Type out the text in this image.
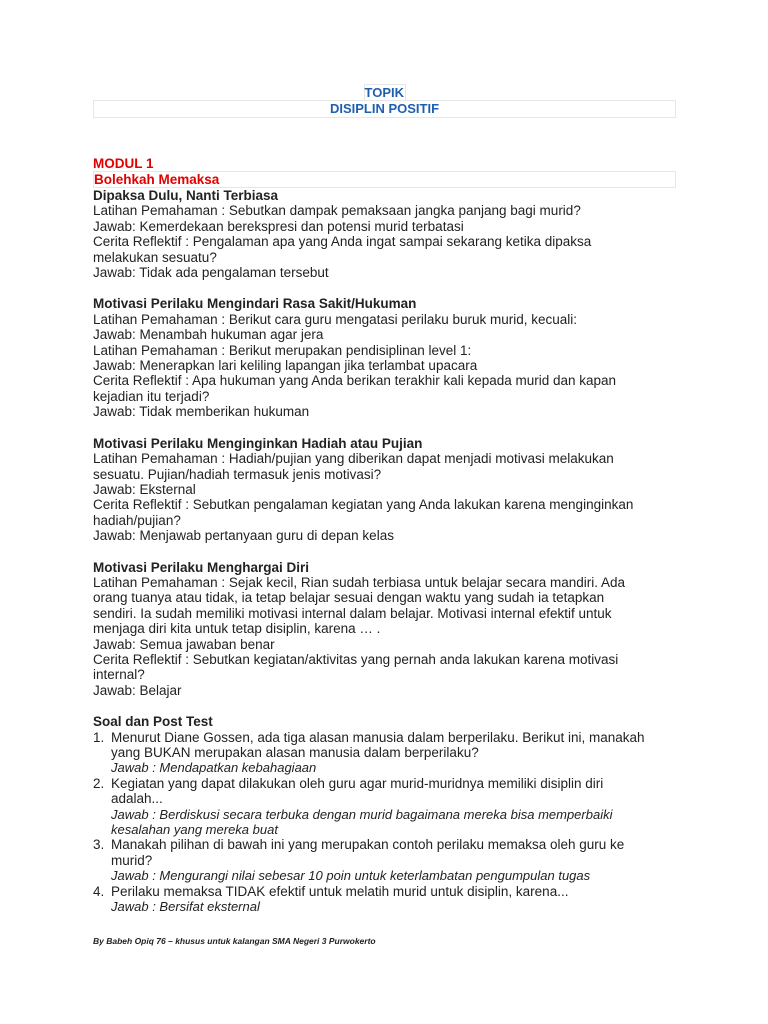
TOPIK
DISIPLIN POSITIF
MODUL 1
Bolehkah Memaksa
Dipaksa Dulu, Nanti Terbiasa
Latihan Pemahaman : Sebutkan dampak pemaksaan jangka panjang bagi murid?
Jawab: Kemerdekaan berekspresi dan potensi murid terbatasi
Cerita Reflektif : Pengalaman apa yang Anda ingat sampai sekarang ketika dipaksa
melakukan sesuatu?
Jawab: Tidak ada pengalaman tersebut
Motivasi Perilaku Mengindari Rasa Sakit/Hukuman
Latihan Pemahaman : Berikut cara guru mengatasi perilaku buruk murid, kecuali:
Jawab: Menambah hukuman agar jera
Latihan Pemahaman : Berikut merupakan pendisiplinan level 1:
Jawab: Menerapkan lari keliling lapangan jika terlambat upacara
Cerita Reflektif : Apa hukuman yang Anda berikan terakhir kali kepada murid dan kapan
kejadian itu terjadi?
Jawab: Tidak memberikan hukuman
Motivasi Perilaku Menginginkan Hadiah atau Pujian
Latihan Pemahaman : Hadiah/pujian yang diberikan dapat menjadi motivasi melakukan
sesuatu. Pujian/hadiah termasuk jenis motivasi?
Jawab: Eksternal
Cerita Reflektif : Sebutkan pengalaman kegiatan yang Anda lakukan karena menginginkan
hadiah/pujian?
Jawab: Menjawab pertanyaan guru di depan kelas
Motivasi Perilaku Menghargai Diri
Latihan Pemahaman : Sejak kecil, Rian sudah terbiasa untuk belajar secara mandiri. Ada
orang tuanya atau tidak, ia tetap belajar sesuai dengan waktu yang sudah ia tetapkan
sendiri. Ia sudah memiliki motivasi internal dalam belajar. Motivasi internal efektif untuk
menjaga diri kita untuk tetap disiplin, karena … .
Jawab: Semua jawaban benar
Cerita Reflektif : Sebutkan kegiatan/aktivitas yang pernah anda lakukan karena motivasi
internal?
Jawab: Belajar
Soal dan Post Test
1. Menurut Diane Gossen, ada tiga alasan manusia dalam berperilaku. Berikut ini, manakah
yang BUKAN merupakan alasan manusia dalam berperilaku?
Jawab : Mendapatkan kebahagiaan
2. Kegiatan yang dapat dilakukan oleh guru agar murid-muridnya memiliki disiplin diri
adalah...
Jawab : Berdiskusi secara terbuka dengan murid bagaimana mereka bisa memperbaiki
kesalahan yang mereka buat
3. Manakah pilihan di bawah ini yang merupakan contoh perilaku memaksa oleh guru ke
murid?
Jawab : Mengurangi nilai sebesar 10 poin untuk keterlambatan pengumpulan tugas
4. Perilaku memaksa TIDAK efektif untuk melatih murid untuk disiplin, karena...
Jawab : Bersifat eksternal
By Babeh Opiq 76 – khusus untuk kalangan SMA Negeri 3 Purwokerto
